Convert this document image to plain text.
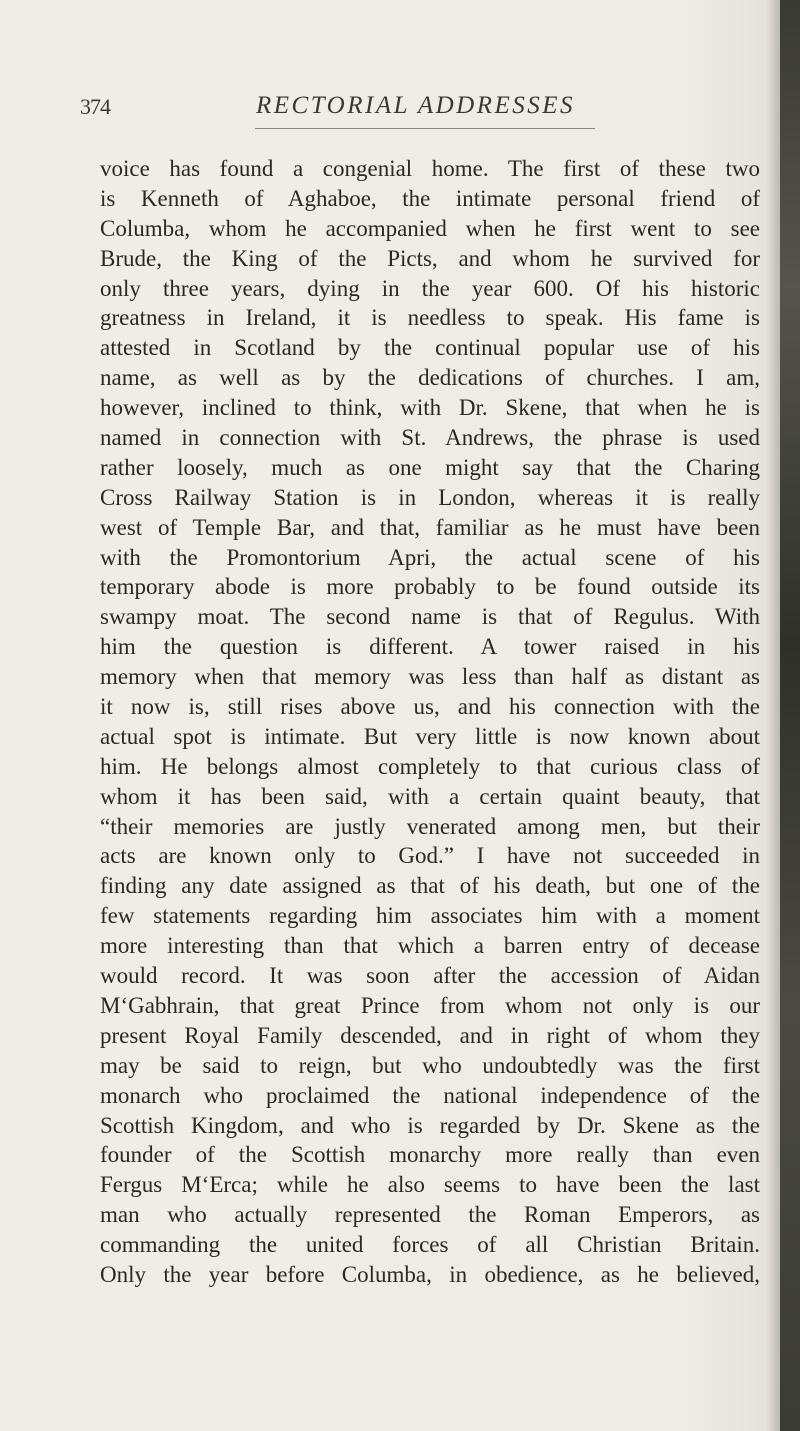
374	RECTORIAL ADDRESSES
voice has found a congenial home. The first of these two
is Kenneth of Aghaboe, the intimate personal friend of
Columba, whom he accompanied when he first went to see
Brude, the King of the Picts, and whom he survived for
only three years, dying in the year 600. Of his historic
greatness in Ireland, it is needless to speak. His fame is
attested in Scotland by the continual popular use of his
name, as well as by the dedications of churches. I am,
however, inclined to think, with Dr. Skene, that when he is
named in connection with St. Andrews, the phrase is used
rather loosely, much as one might say that the Charing
Cross Railway Station is in London, whereas it is really
west of Temple Bar, and that, familiar as he must have been
with the Promontorium Apri, the actual scene of his
temporary abode is more probably to be found outside its
swampy moat. The second name is that of Regulus. With
him the question is different. A tower raised in his
memory when that memory was less than half as distant as
it now is, still rises above us, and his connection with the
actual spot is intimate. But very little is now known about
him. He belongs almost completely to that curious class of
whom it has been said, with a certain quaint beauty, that
“their memories are justly venerated among men, but their
acts are known only to God.” I have not succeeded in
finding any date assigned as that of his death, but one of the
few statements regarding him associates him with a moment
more interesting than that which a barren entry of decease
would record. It was soon after the accession of Aidan
M‘Gabhrain, that great Prince from whom not only is our
present Royal Family descended, and in right of whom they
may be said to reign, but who undoubtedly was the first
monarch who proclaimed the national independence of the
Scottish Kingdom, and who is regarded by Dr. Skene as the
founder of the Scottish monarchy more really than even
Fergus M‘Erca; while he also seems to have been the last
man who actually represented the Roman Emperors, as
commanding the united forces of all Christian Britain.
Only the year before Columba, in obedience, as he believed,
